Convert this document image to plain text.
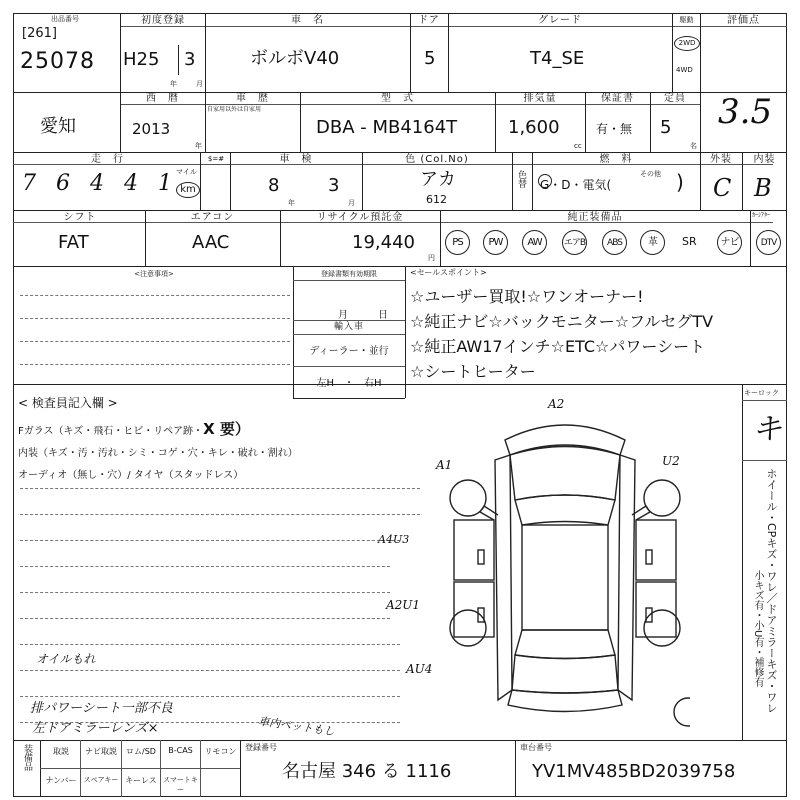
出品番号
[261]
25078
初度登録
H25 3
年	月
車　名
ボルボV40
ドア
5
グレード
T4_SE
駆動
2WD
4WD
評価点
3.5
愛知
西　暦
2013
年
車　歴
自家用以外は自家用
型　式
DBA - MB4164T
排気量
1,600
cc
保証書
有・無
定員
5
名
走　行
7 6 4 4 1 マイル
km
$=#	車　検
8	3
年	月
色 (Col.No)
アカ
612
色替
燃　料
G・D・電気(
その他 )
外装
C
内装
B
シフト
FAT
エアコン
AAC
リサイクル預託金
19,440
円
純正装備品	ｶｰｼｱﾀｰ
PS	PW	AW	エアB	ABS	革	SR	ナビ	DTV
<注意事項>	登録書類有効期限
月	日
輸入車
ディーラー・並行
左H　・　右H
<セールスポイント>
☆ユーザー買取!☆ワンオーナー!
☆純正ナビ☆バックモニター☆フルセグTV
☆純正AW17インチ☆ETC☆パワーシート
☆シートヒーター
< 検査員記入欄 >
Fガラス（キズ・飛石・ヒビ・リペア跡・X 要）
内装（キズ・汚・汚れ・シミ・コゲ・穴・キレ・破れ・割れ）
オーディオ（無し・穴）/ タイヤ（スタッドレス）
オイルもれ
排パワーシート一部不良
左ドアミラーレンズ×	車内ペットもし
キーロック
キ
ホイール・CPキズ・ワレ／ドアミラーキズ・ワレ
小キズ有・小U有・補修有
A2
A1	U2
A4U3
A2U1
AU4
装備品	取説	ナビ取説	ロム/SD	B-CAS	リモコン
ナンバー	スペアキー キーレス スマートキー
登録番号
名古屋 346 る 1116
車台番号
YV1MV485BD2039758
